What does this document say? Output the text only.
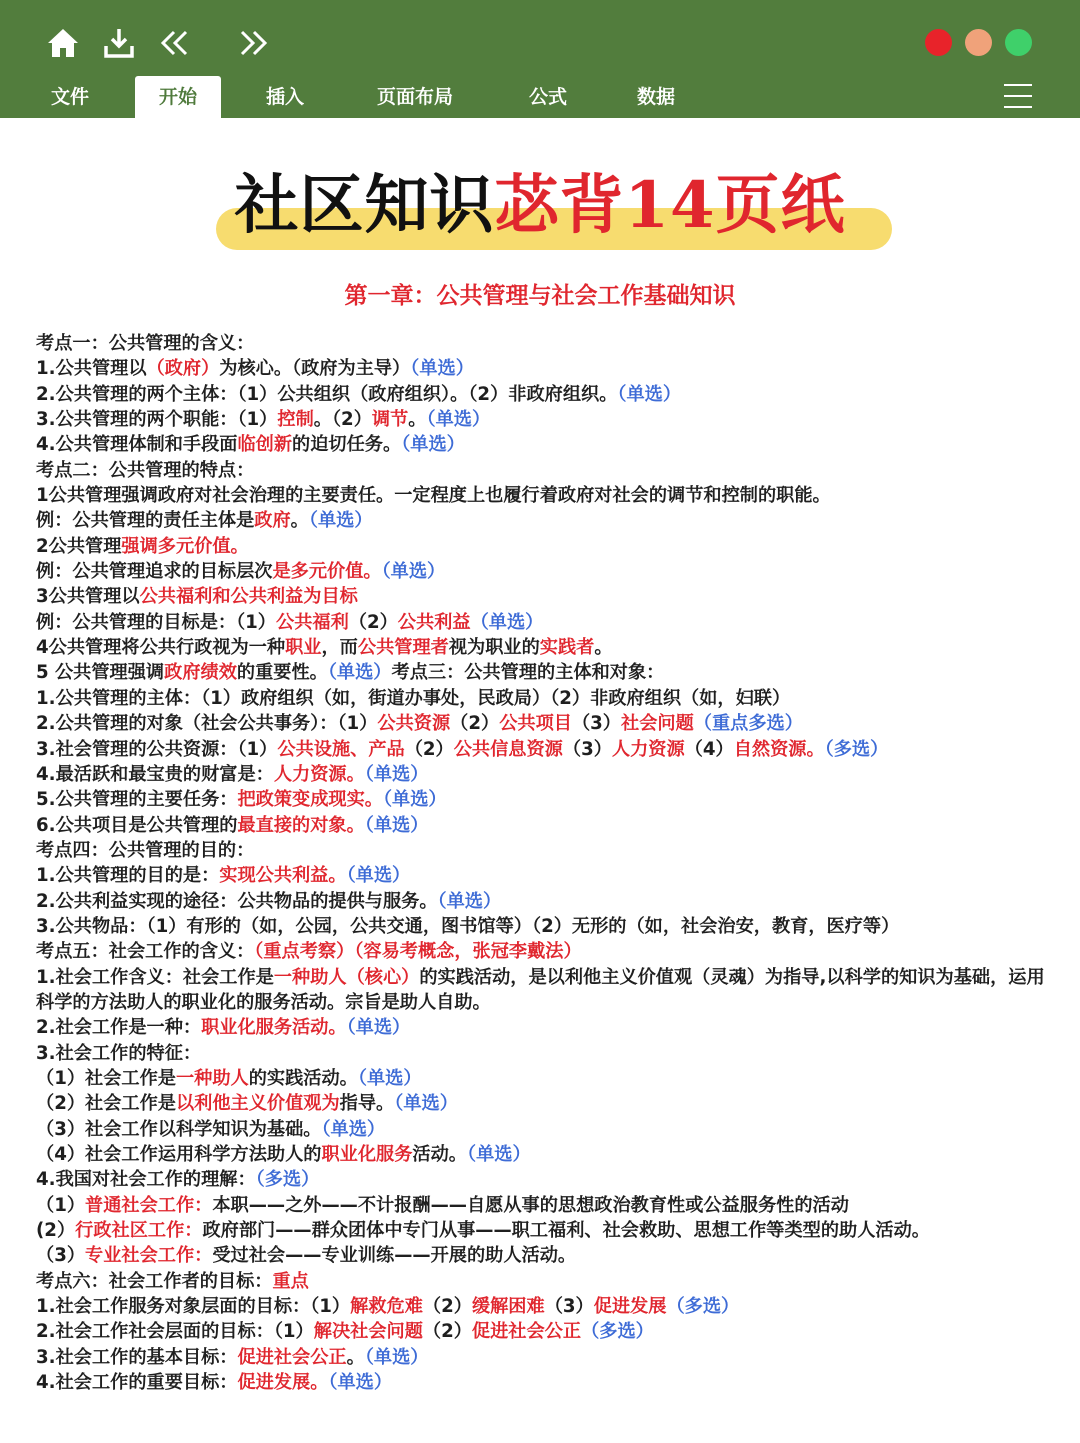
文件	开始	插入	页面布局	公式	数据
社区知识苾背14页纸
第一章：公共管理与社会工作基础知识
考点一：公共管理的含义：
1.公共管理以（政府）为核心。（政府为主导）（单选）
2.公共管理的两个主体：（1）公共组织（政府组织）。（2）非政府组织。（单选）
3.公共管理的两个职能：（1）控制。（2）调节。（单选）
4.公共管理体制和手段面临创新的迫切任务。（单选）
考点二：公共管理的特点：
1公共管理强调政府对社会治理的主要责任。一定程度上也履行着政府对社会的调节和控制的职能。
例：公共管理的责任主体是政府。（单选）
2公共管理强调多元价值。
例：公共管理追求的目标层次是多元价值。（单选）
3公共管理以公共福利和公共利益为目标
例：公共管理的目标是：（1）公共福利（2）公共利益（单选）
4公共管理将公共行政视为一种职业，而公共管理者视为职业的实践者。
5 公共管理强调政府绩效的重要性。（单选）考点三：公共管理的主体和对象：
1.公共管理的主体：（1）政府组织（如，街道办事处，民政局）（2）非政府组织（如，妇联）
2.公共管理的对象（社会公共事务）：（1）公共资源（2）公共项目（3）社会问题（重点多选）
3.社会管理的公共资源：（1）公共设施、产品（2）公共信息资源（3）人力资源（4）自然资源。（多选）
4.最活跃和最宝贵的财富是：人力资源。（单选）
5.公共管理的主要任务：把政策变成现实。（单选）
6.公共项目是公共管理的最直接的对象。（单选）
考点四：公共管理的目的：
1.公共管理的目的是：实现公共利益。（单选）
2.公共利益实现的途径：公共物品的提供与服务。（单选）
3.公共物品：（1）有形的（如，公园，公共交通，图书馆等）（2）无形的（如，社会治安，教育，医疗等）
考点五：社会工作的含义：（重点考察）（容易考概念，张冠李戴法）
1.社会工作含义：社会工作是一种助人（核心）的实践活动，是以利他主义价值观（灵魂）为指导,以科学的知识为基础，运用科学的方法助人的职业化的服务活动。宗旨是助人自助。
2.社会工作是一种：职业化服务活动。（单选）
3.社会工作的特征：
（1）社会工作是一种助人的实践活动。（单选）
（2）社会工作是以利他主义价值观为指导。（单选）
（3）社会工作以科学知识为基础。（单选）
（4）社会工作运用科学方法助人的职业化服务活动。（单选）
4.我国对社会工作的理解：（多选）
（1）普通社会工作：本职——之外——不计报酬——自愿从事的思想政治教育性或公益服务性的活动
(2）行政社区工作：政府部门——群众团体中专门从事——职工福利、社会救助、思想工作等类型的助人活动。
（3）专业社会工作：受过社会——专业训练——开展的助人活动。
考点六：社会工作者的目标：重点
1.社会工作服务对象层面的目标：（1）解救危难（2）缓解困难（3）促进发展（多选）
2.社会工作社会层面的目标：（1）解决社会问题（2）促进社会公正（多选）
3.社会工作的基本目标：促进社会公正。（单选）
4.社会工作的重要目标：促进发展。（单选）
